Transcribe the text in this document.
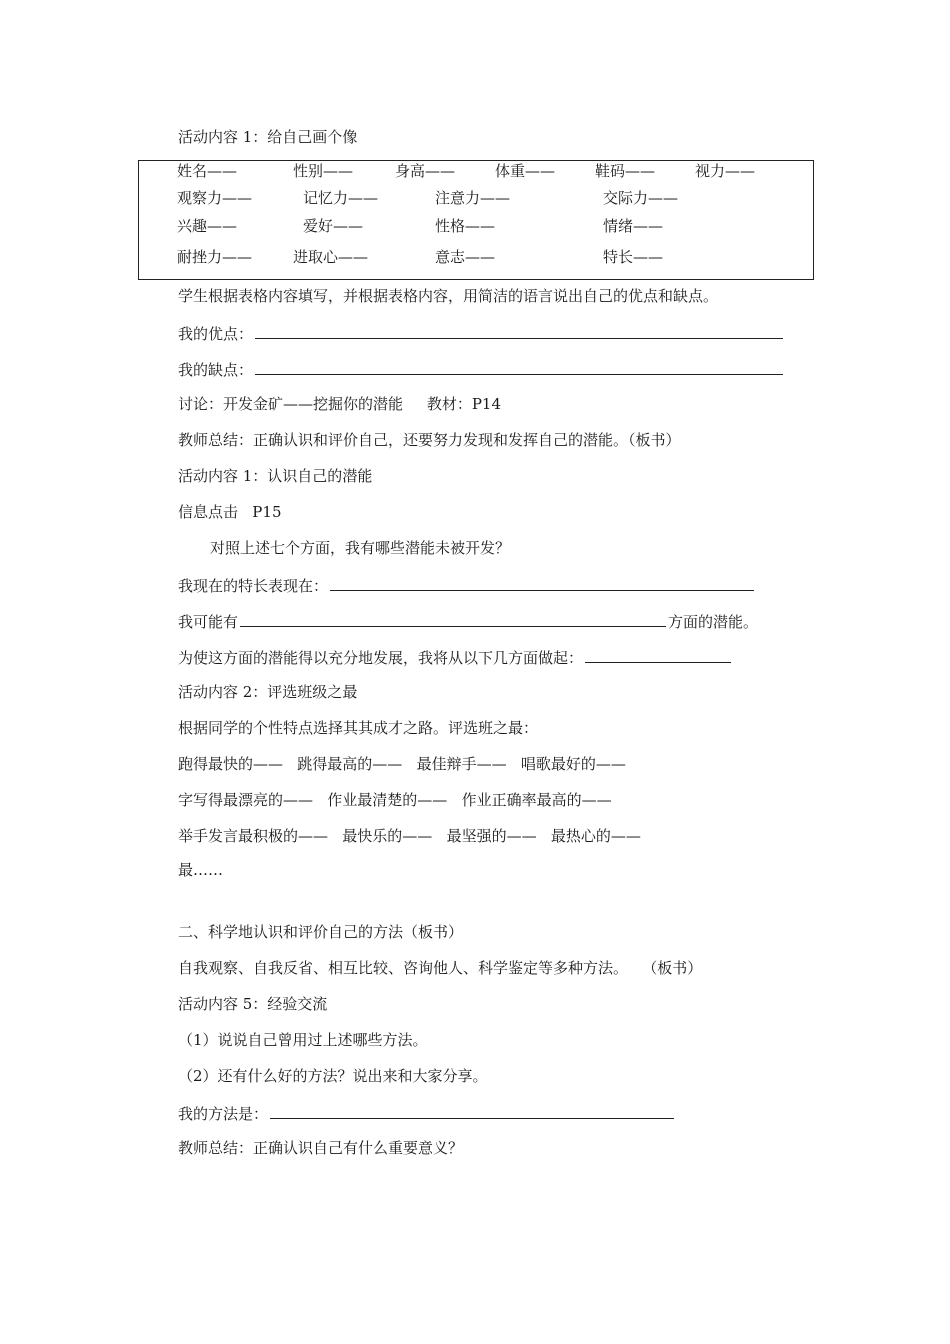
活动内容 1：给自己画个像
姓名——	性别——	身高——	体重——	鞋码——	视力——
观察力——	记忆力——	注意力——	交际力——
兴趣——	爱好——	性格——	情绪——
耐挫力——	进取心——	意志——	特长——
学生根据表格内容填写，并根据表格内容，用简洁的语言说出自己的优点和缺点。
我的优点：
我的缺点：
讨论：开发金矿——挖掘你的潜能     教材：P14
教师总结：正确认识和评价自己，还要努力发现和发挥自己的潜能。（板书）
活动内容 1：认识自己的潜能
信息点击   P15
对照上述七个方面，我有哪些潜能未被开发？
我现在的特长表现在：
我可能有	方面的潜能。
为使这方面的潜能得以充分地发展，我将从以下几方面做起：
活动内容 2：评选班级之最
根据同学的个性特点选择其其成才之路。评选班之最：
跑得最快的——   跳得最高的——   最佳辩手——   唱歌最好的——
字写得最漂亮的——   作业最清楚的——   作业正确率最高的——
举手发言最积极的——   最快乐的——   最坚强的——   最热心的——
最……
二、科学地认识和评价自己的方法（板书）
自我观察、自我反省、相互比较、咨询他人、科学鉴定等多种方法。   （板书）
活动内容 5：经验交流
（1）说说自己曾用过上述哪些方法。
（2）还有什么好的方法？说出来和大家分享。
我的方法是：
教师总结：正确认识自己有什么重要意义？
